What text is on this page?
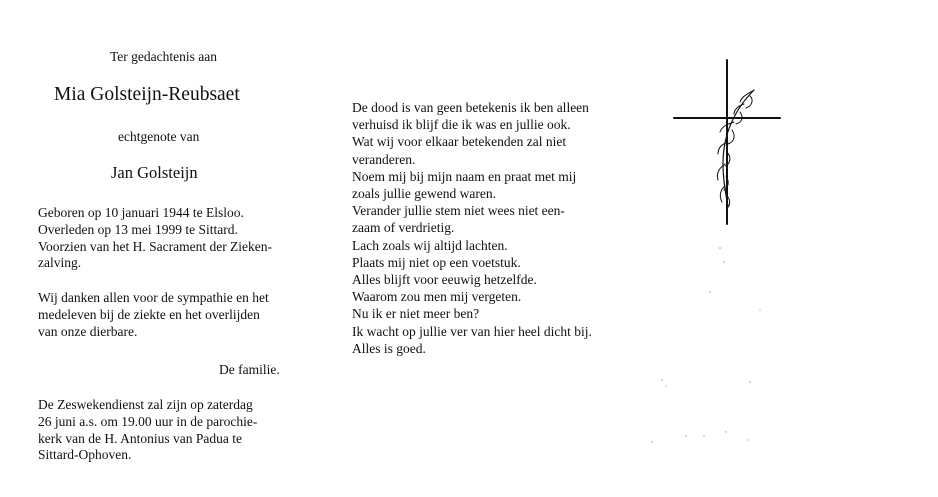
Ter gedachtenis aan

Mia Golsteijn-Reubsaet

echtgenote van

Jan Golsteijn

Geboren op 10 januari 1944 te Elsloo.
Overleden op 13 mei 1999 te Sittard.
Voorzien van het H. Sacrament der Zieken-
zalving.
Wij danken allen voor de sympathie en het
medeleven bij de ziekte en het overlijden
van onze dierbare.

De familie.

De Zeswekendienst zal zijn op zaterdag
26 juni a.s. om 19.00 uur in de parochie-
kerk van de H. Antonius van Padua te
Sittard-Ophoven.
De dood is van geen betekenis ik ben alleen
verhuisd ik blijf die ik was en jullie ook.
Wat wij voor elkaar betekenden zal niet
veranderen.
Noem mij bij mijn naam en praat met mij
zoals jullie gewend waren.
Verander jullie stem niet wees niet een-
zaam of verdrietig.
Lach zoals wij altijd lachten.
Plaats mij niet op een voetstuk.
Alles blijft voor eeuwig hetzelfde.
Waarom zou men mij vergeten.
Nu ik er niet meer ben?
Ik wacht op jullie ver van hier heel dicht bij.
Alles is goed.
